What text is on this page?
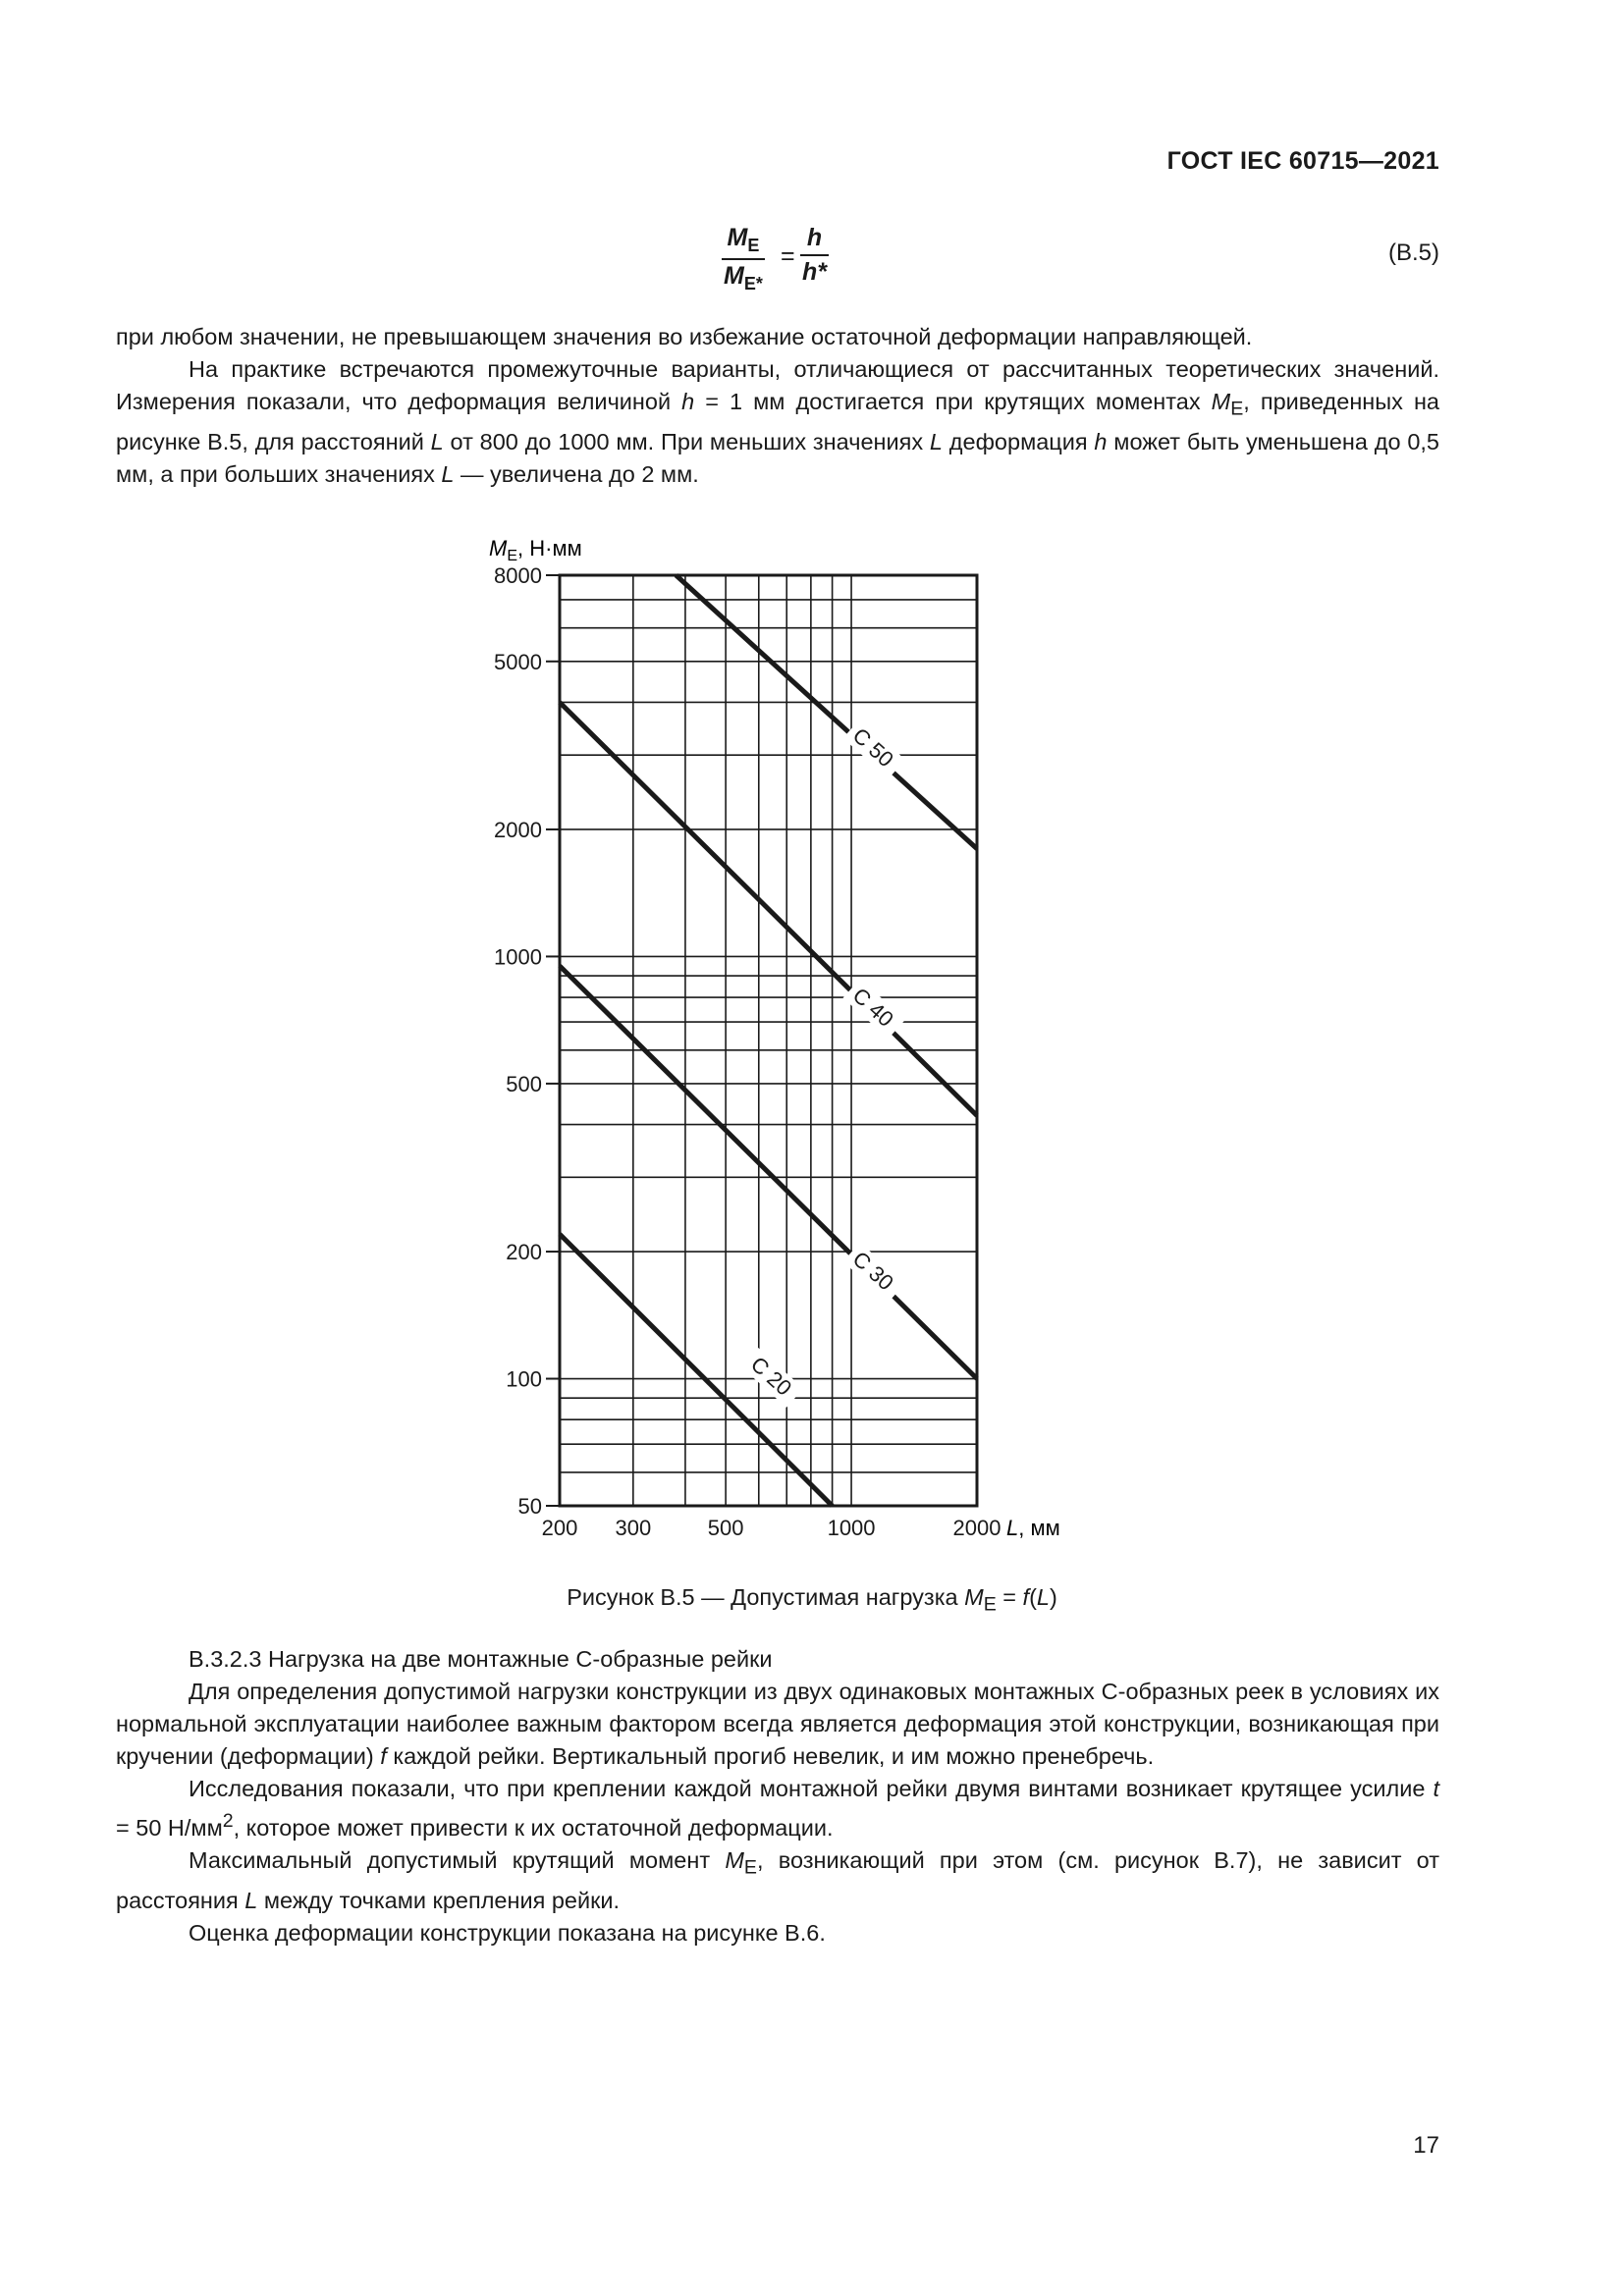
ГОСТ IEC 60715—2021
$\frac{M_E}{M_{E*}} = \frac{h}{h*}$	(В.5)

при любом значении, не превышающем значения во избежание остаточной деформации направляющей.

На практике встречаются промежуточные варианты, отличающиеся от рассчитанных теоретических значений. Измерения показали, что деформация величиной h = 1 мм достигается при крутящих моментах $M_E$, приведенных на рисунке В.5, для расстояний L от 800 до 1000 мм. При меньших значениях L деформация h может быть уменьшена до 0,5 мм, а при больших значениях L — увеличена до 2 мм.

C 50
C 40
C 30
C 20
8000
5000
2000
1000
500
200
100
50
200 300	500	1000	2000
$M_E$, Н·мм
L, мм
Рисунок В.5 — Допустимая нагрузка $M_E = f(L)$

В.3.2.3 Нагрузка на две монтажные С-образные рейки

Для определения допустимой нагрузки конструкции из двух одинаковых монтажных С-образных реек в условиях их нормальной эксплуатации наиболее важным фактором всегда является деформация этой конструкции, возникающая при кручении (деформации) f каждой рейки. Вертикальный прогиб невелик, и им можно пренебречь.

Исследования показали, что при креплении каждой монтажной рейки двумя винтами возникает крутящее усилие t = 50 $Н/мм^2$, которое может привести к их остаточной деформации.

Максимальный допустимый крутящий момент $M_E$, возникающий при этом (см. рисунок В.7), не зависит от расстояния L между точками крепления рейки.

Оценка деформации конструкции показана на рисунке В.6.

17
